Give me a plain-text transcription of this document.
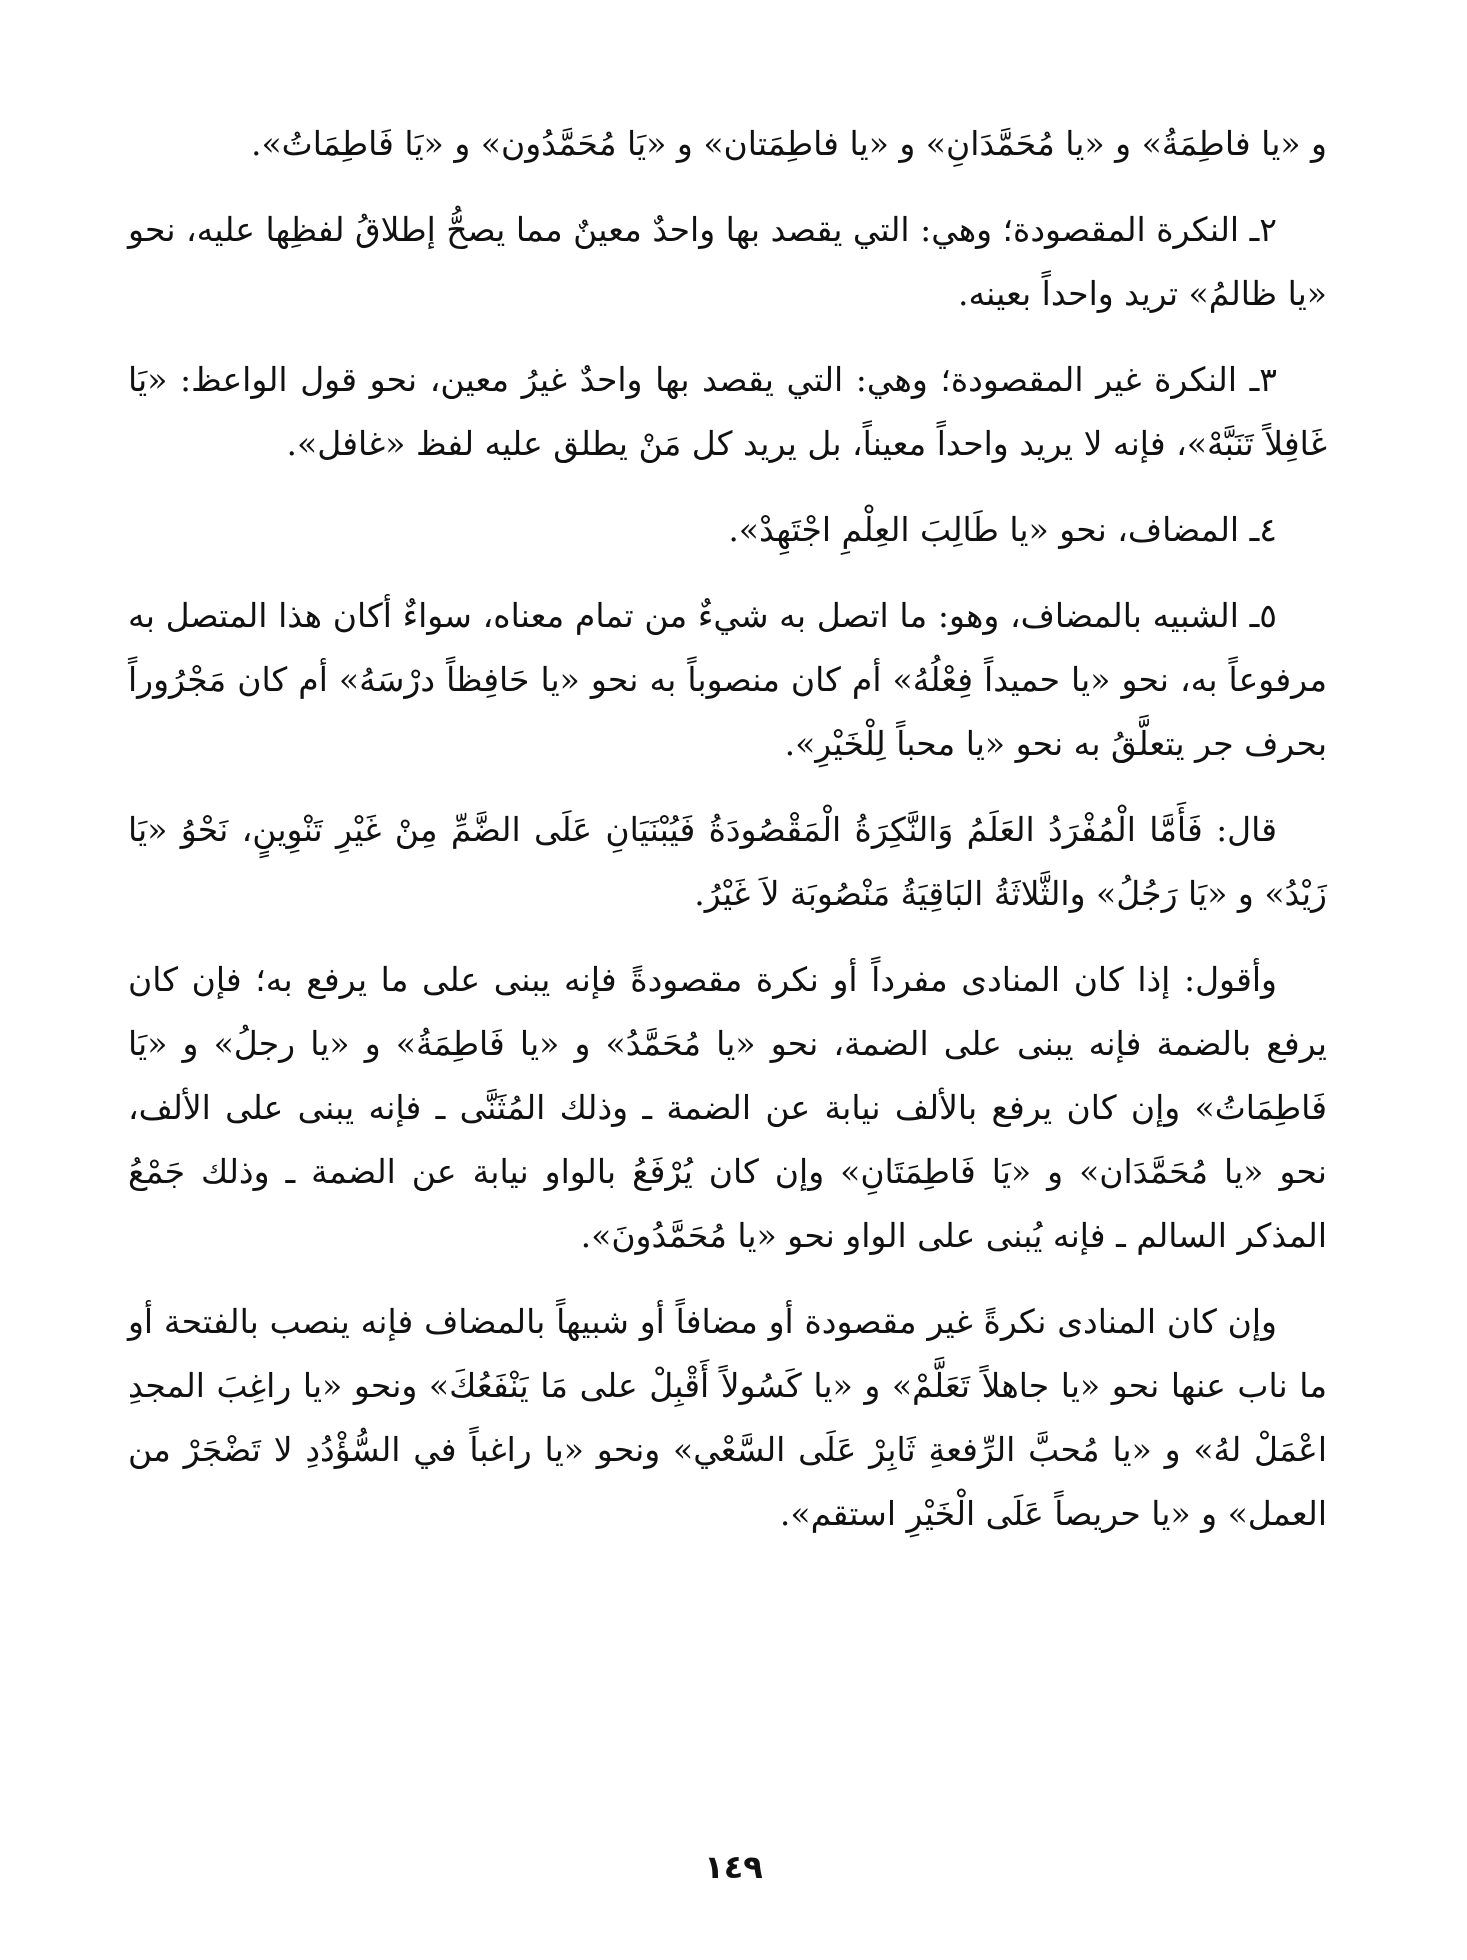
و «يا فاطِمَةُ» و «يا مُحَمَّدَانِ» و «يا فاطِمَتان» و «يَا مُحَمَّدُون» و «يَا فَاطِمَاتُ».

٢ـ النكرة المقصودة؛ وهي: التي يقصد بها واحدٌ معينٌ مما يصحُّ إطلاقُ لفظِها عليه، نحو «يا ظالمُ» تريد واحداً بعينه.

٣ـ النكرة غير المقصودة؛ وهي: التي يقصد بها واحدٌ غيرُ معين، نحو قول الواعظ: «يَا غَافِلاً تَنَبَّهْ»، فإنه لا يريد واحداً معيناً، بل يريد كل مَنْ يطلق عليه لفظ «غافل».

٤ـ المضاف، نحو «يا طَالِبَ العِلْمِ اجْتَهِدْ».

٥ـ الشبيه بالمضاف، وهو: ما اتصل به شيءٌ من تمام معناه، سواءٌ أكان هذا المتصل به مرفوعاً به، نحو «يا حميداً فِعْلُهُ» أم كان منصوباً به نحو «يا حَافِظاً درْسَهُ» أم كان مَجْرُوراً بحرف جر يتعلَّقُ به نحو «يا محباً لِلْخَيْرِ».

قال: فَأَمَّا الْمُفْرَدُ العَلَمُ وَالنَّكِرَةُ الْمَقْصُودَةُ فَيُبْنَيَانِ عَلَى الضَّمِّ مِنْ غَيْرِ تَنْوِينٍ، نَحْوُ «يَا زَيْدُ» و «يَا رَجُلُ» والثَّلاثَةُ البَاقِيَةُ مَنْصُوبَة لاَ غَيْرُ.

وأقول: إذا كان المنادى مفرداً أو نكرة مقصودةً فإنه يبنى على ما يرفع به؛ فإن كان يرفع بالضمة فإنه يبنى على الضمة، نحو «يا مُحَمَّدُ» و «يا فَاطِمَةُ» و «يا رجلُ» و «يَا فَاطِمَاتُ» وإن كان يرفع بالألف نيابة عن الضمة ـ وذلك المُثَنَّى ـ فإنه يبنى على الألف، نحو «يا مُحَمَّدَان» و «يَا فَاطِمَتَانِ» وإن كان يُرْفَعُ بالواو نيابة عن الضمة ـ وذلك جَمْعُ المذكر السالم ـ فإنه يُبنى على الواو نحو «يا مُحَمَّدُونَ».

وإن كان المنادى نكرةً غير مقصودة أو مضافاً أو شبيهاً بالمضاف فإنه ينصب بالفتحة أو ما ناب عنها نحو «يا جاهلاً تَعَلَّمْ» و «يا كَسُولاً أَقْبِلْ على مَا يَنْفَعُكَ» ونحو «يا راغِبَ المجدِ اعْمَلْ لهُ» و «يا مُحبَّ الرِّفعةِ ثَابِرْ عَلَى السَّعْي» ونحو «يا راغباً في السُّؤْدُدِ لا تَضْجَرْ من العمل» و «يا حريصاً عَلَى الْخَيْرِ استقم».

١٤٩
